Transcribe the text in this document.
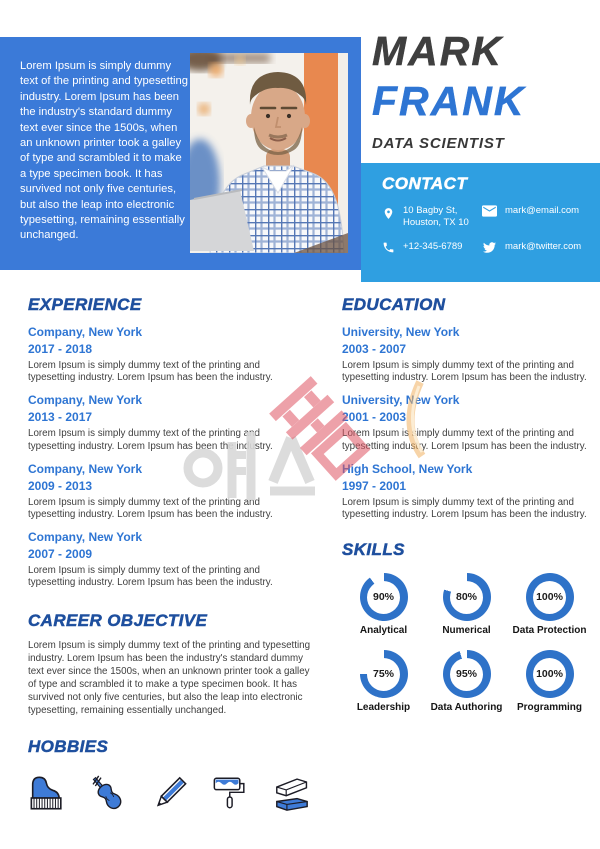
Lorem Ipsum is simply dummy text of the printing and typesetting industry. Lorem Ipsum has been the industry's standard dummy text ever since the 1500s, when an unknown printer took a galley of type and scrambled it to make a type specimen book. It has survived not only five centuries, but also the leap into electronic typesetting, remaining essentially unchanged.

MARK
FRANK
DATA SCIENTIST
CONTACT
10 Bagby St,
Houston, TX 10
mark@email.com
+12-345-6789	mark@twitter.com
EXPERIENCE
Company, New York
2017 - 2018
Lorem Ipsum is simply dummy text of the printing and typesetting industry. Lorem Ipsum has been the industry.
Company, New York
2013 - 2017
Lorem Ipsum is simply dummy text of the printing and typesetting industry. Lorem Ipsum has been the industry.
Company, New York
2009 - 2013
Lorem Ipsum is simply dummy text of the printing and typesetting industry. Lorem Ipsum has been the industry.
Company, New York
2007 - 2009
Lorem Ipsum is simply dummy text of the printing and typesetting industry. Lorem Ipsum has been the industry.
CAREER OBJECTIVE

Lorem Ipsum is simply dummy text of the printing and typesetting industry. Lorem Ipsum has been the industry's standard dummy text ever since the 1500s, when an unknown printer took a galley of type and scrambled it to make a type specimen book. It has survived not only five centuries, but also the leap into electronic typesetting, remaining essentially unchanged.

HOBBIES
EDUCATION
University, New York
2003 - 2007
Lorem Ipsum is simply dummy text of the printing and typesetting industry. Lorem Ipsum has been the industry.
University, New York
2001 - 2003
Lorem Ipsum is simply dummy text of the printing and typesetting industry. Lorem Ipsum has been the industry.
High School, New York
1997 - 2001
Lorem Ipsum is simply dummy text of the printing and typesetting industry. Lorem Ipsum has been the industry.
SKILLS
90%
Analytical
80%
Numerical
100%
Data Protection
75%
Leadership
95%
Data Authoring
100%
Programming
